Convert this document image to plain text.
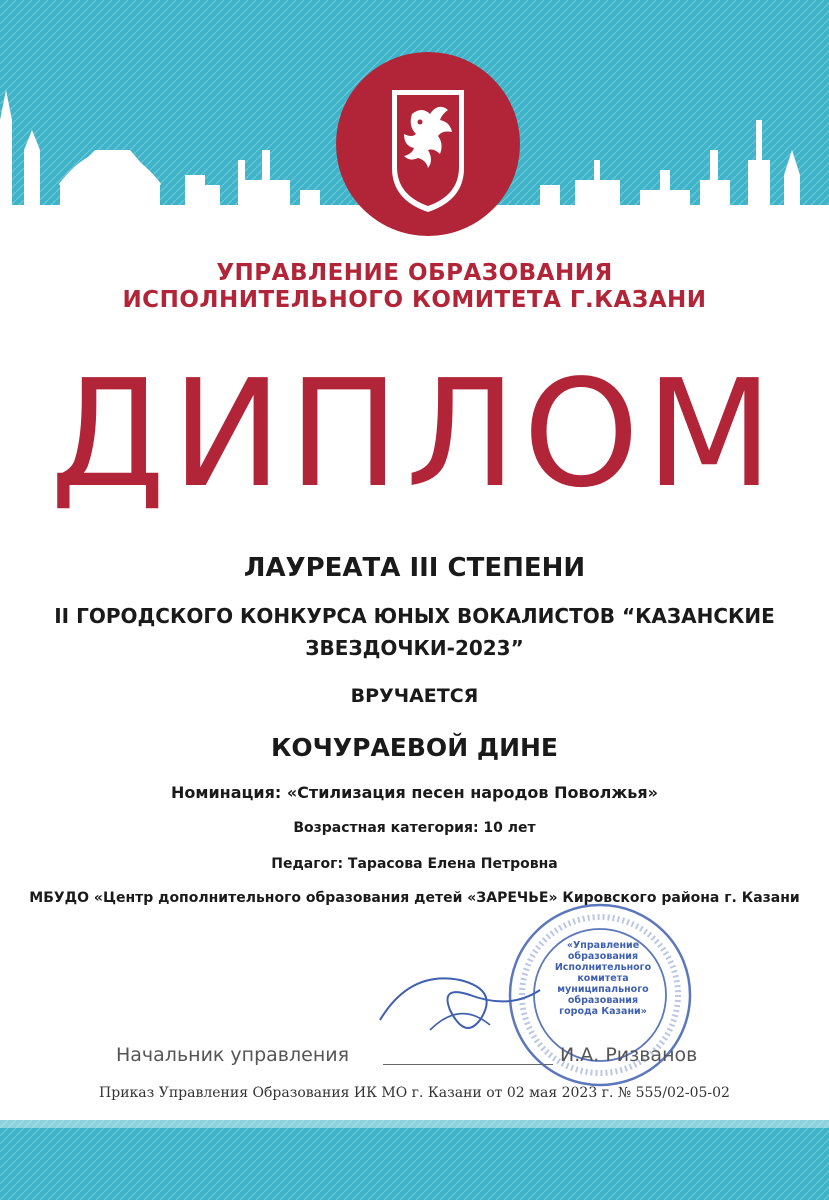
УПРАВЛЕНИЕ ОБРАЗОВАНИЯ
ИСПОЛНИТЕЛЬНОГО КОМИТЕТА Г.КАЗАНИ
ДИПЛОМ
ЛАУРЕАТА III СТЕПЕНИ
II ГОРОДСКОГО КОНКУРСА ЮНЫХ ВОКАЛИСТОВ “КАЗАНСКИЕ
ЗВЕЗДОЧКИ-2023”
ВРУЧАЕТСЯ
КОЧУРАЕВОЙ ДИНЕ
Номинация: «Стилизация песен народов Поволжья»
Возрастная категория: 10 лет
Педагог: Тарасова Елена Петровна
МБУДО «Центр дополнительного образования детей «ЗАРЕЧЬЕ» Кировского района г. Казани
«Управление
образования
Исполнительного
комитета
муниципального
образования
города Казани»
Начальник управления	И.А. Ризванов
Приказ Управления Образования ИК МО г. Казани от 02 мая 2023 г. № 555/02-05-02
